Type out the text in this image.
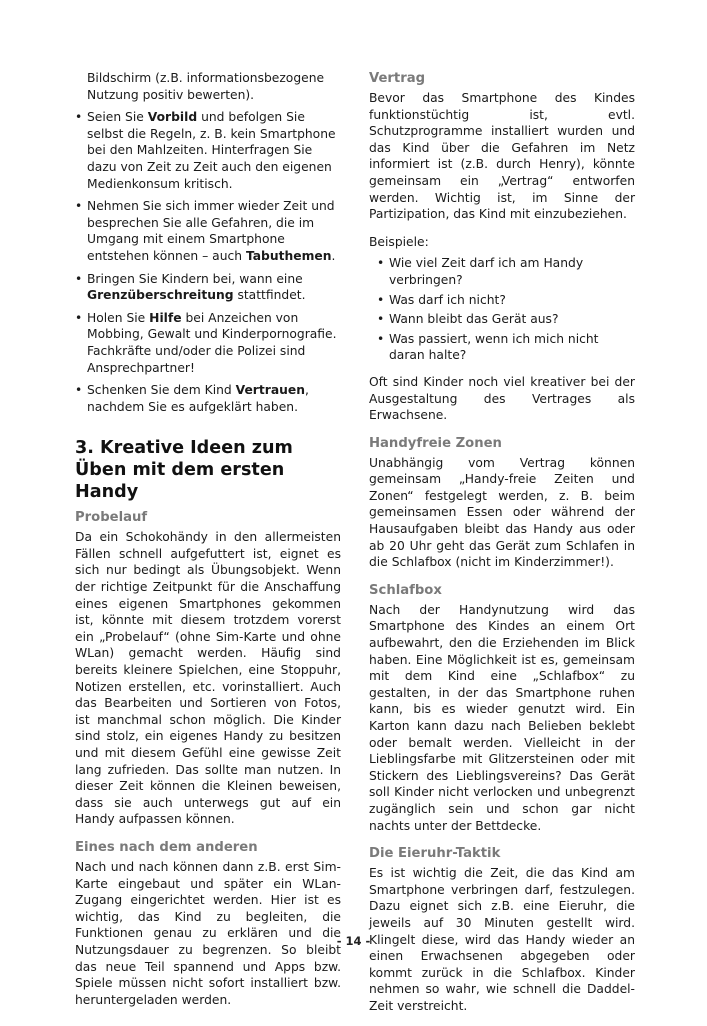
Bildschirm (z.B. informationsbezogene Nutzung positiv bewerten).
• Seien Sie Vorbild und befolgen Sie selbst die Regeln, z. B. kein Smartphone bei den Mahlzeiten. Hinterfragen Sie dazu von Zeit zu Zeit auch den eigenen Medienkonsum kritisch.
• Nehmen Sie sich immer wieder Zeit und besprechen Sie alle Gefahren, die im Umgang mit einem Smartphone entstehen können – auch Tabuthemen.
• Bringen Sie Kindern bei, wann eine Grenzüberschreitung stattfindet.
• Holen Sie Hilfe bei Anzeichen von Mobbing, Gewalt und Kinderpornografie. Fachkräfte und/oder die Polizei sind Ansprechpartner!
• Schenken Sie dem Kind Vertrauen, nachdem Sie es aufgeklärt haben.
3. Kreative Ideen zum Üben mit dem ersten Handy
Probelauf

Da ein Schokohändy in den allermeisten Fällen schnell aufgefuttert ist, eignet es sich nur bedingt als Übungsobjekt. Wenn der richtige Zeitpunkt für die Anschaffung eines eigenen Smartphones gekommen ist, könnte mit diesem trotzdem vorerst ein „Probelauf“ (ohne Sim-Karte und ohne WLan) gemacht werden. Häufig sind bereits kleinere Spielchen, eine Stoppuhr, Notizen erstellen, etc. vorinstalliert. Auch das Bearbeiten und Sortieren von Fotos, ist manchmal schon möglich. Die Kinder sind stolz, ein eigenes Handy zu besitzen und mit diesem Gefühl eine gewisse Zeit lang zufrieden. Das sollte man nutzen. In dieser Zeit können die Kleinen beweisen, dass sie auch unterwegs gut auf ein Handy aufpassen können.

Eines nach dem anderen

Nach und nach können dann z.B. erst Sim-Karte eingebaut und später ein WLan-Zugang eingerichtet werden. Hier ist es wichtig, das Kind zu begleiten, die Funktionen genau zu erklären und die Nutzungsdauer zu begrenzen. So bleibt das neue Teil spannend und Apps bzw. Spiele müssen nicht sofort installiert bzw. heruntergeladen werden.

Vertrag

Bevor das Smartphone des Kindes funktionstüchtig ist, evtl. Schutzprogramme installiert wurden und das Kind über die Gefahren im Netz informiert ist (z.B. durch Henry), könnte gemeinsam ein „Vertrag“ entworfen werden. Wichtig ist, im Sinne der Partizipation, das Kind mit einzubeziehen.

Beispiele:

• Wie viel Zeit darf ich am Handy verbringen?
• Was darf ich nicht?
• Wann bleibt das Gerät aus?
• Was passiert, wenn ich mich nicht daran halte?

Oft sind Kinder noch viel kreativer bei der Ausgestaltung des Vertrages als Erwachsene.

Handyfreie Zonen

Unabhängig vom Vertrag können gemeinsam „Handy-freie Zeiten und Zonen“ festgelegt werden, z. B. beim gemeinsamen Essen oder während der Hausaufgaben bleibt das Handy aus oder ab 20 Uhr geht das Gerät zum Schlafen in die Schlafbox (nicht im Kinderzimmer!).

Schlafbox

Nach der Handynutzung wird das Smartphone des Kindes an einem Ort aufbewahrt, den die Erziehenden im Blick haben. Eine Möglichkeit ist es, gemeinsam mit dem Kind eine „Schlafbox“ zu gestalten, in der das Smartphone ruhen kann, bis es wieder genutzt wird. Ein Karton kann dazu nach Belieben beklebt oder bemalt werden. Vielleicht in der Lieblingsfarbe mit Glitzersteinen oder mit Stickern des Lieblingsvereins? Das Gerät soll Kinder nicht verlocken und unbegrenzt zugänglich sein und schon gar nicht nachts unter der Bettdecke.

Die Eieruhr-Taktik

Es ist wichtig die Zeit, die das Kind am Smartphone verbringen darf, festzulegen. Dazu eignet sich z.B. eine Eieruhr, die jeweils auf 30 Minuten gestellt wird. Klingelt diese, wird das Handy wieder an einen Erwachsenen abgegeben oder kommt zurück in die Schlafbox. Kinder nehmen so wahr, wie schnell die Daddel-Zeit verstreicht.

- 14 -
